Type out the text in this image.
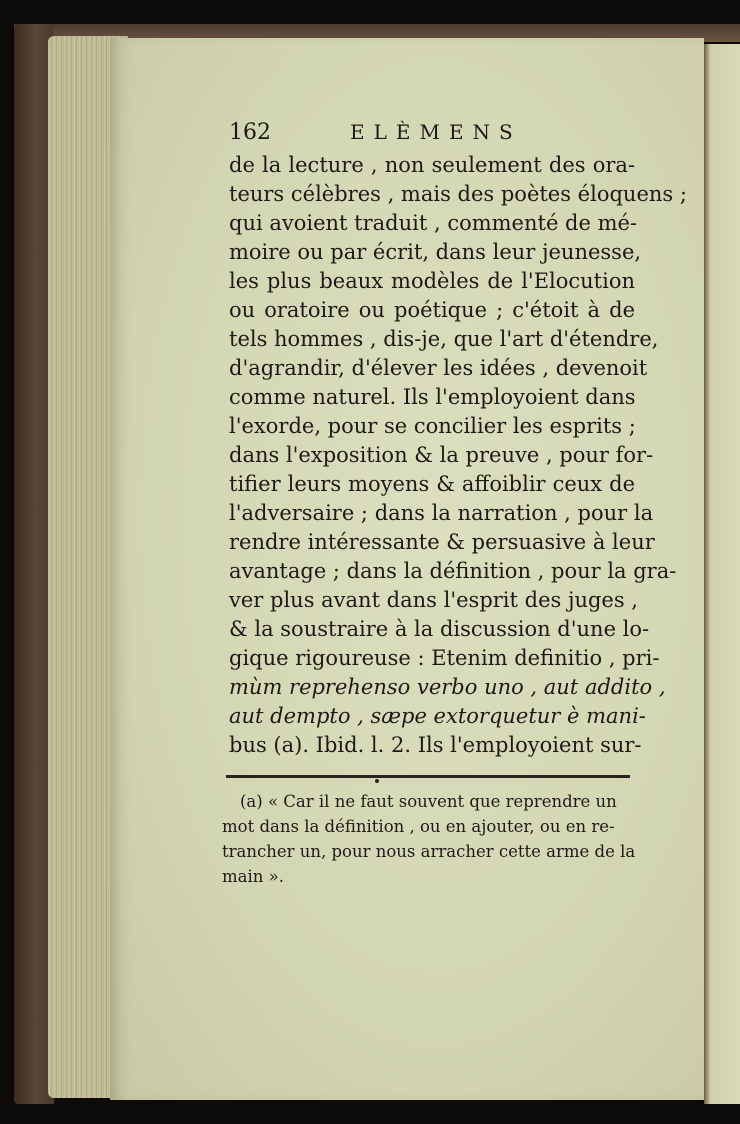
162	ELÈMENS
de la lecture , non seulement des ora-
teurs célèbres , mais des poètes éloquens ;
qui avoient traduit , commenté de mé-
moire ou par écrit, dans leur jeunesse,
les plus beaux modèles de l'Elocution
ou oratoire ou poétique ; c'étoit à de
tels hommes , dis-je, que l'art d'étendre,
d'agrandir, d'élever les idées , devenoit
comme naturel. Ils l'employoient dans
l'exorde, pour se concilier les esprits ;
dans l'exposition & la preuve , pour for-
tifier leurs moyens & affoiblir ceux de
l'adversaire ; dans la narration , pour la
rendre intéressante & persuasive à leur
avantage ; dans la définition , pour la gra-
ver plus avant dans l'esprit des juges ,
& la soustraire à la discussion d'une lo-
gique rigoureuse : Etenim definitio , pri-
mùm reprehenso verbo uno , aut addito ,
aut dempto , sæpe extorquetur è mani-
bus (a). Ibid. l. 2. Ils l'employoient sur-
(a) « Car il ne faut souvent que reprendre un
mot dans la définition , ou en ajouter, ou en re-
trancher un, pour nous arracher cette arme de la
main ».
